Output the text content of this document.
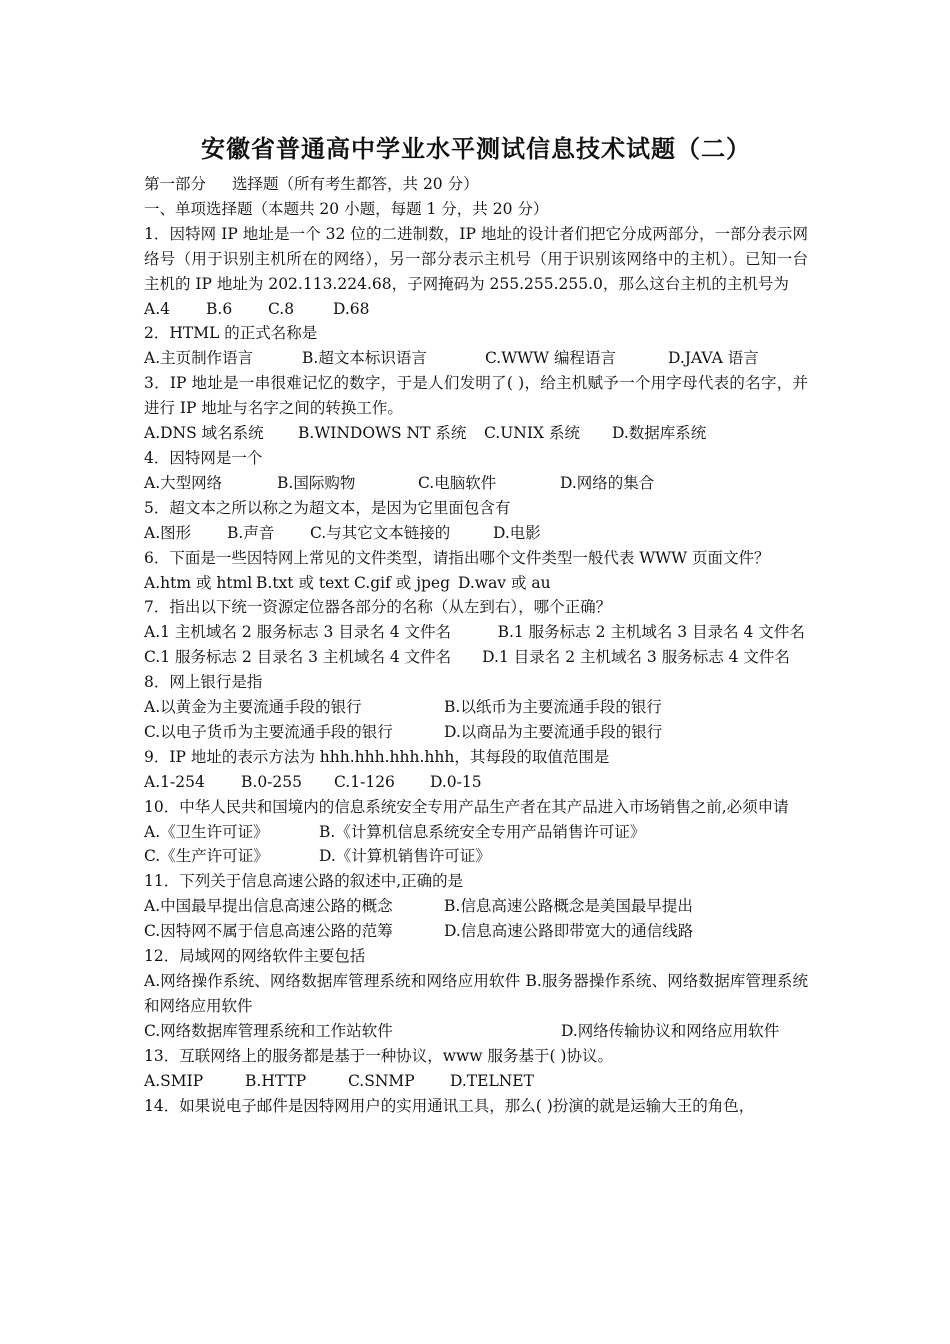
安徽省普通高中学业水平测试信息技术试题（二）
第一部分 选择题（所有考生都答，共 20 分）
一、单项选择题（本题共 20 小题，每题 1 分，共 20 分）
1．因特网 IP 地址是一个 32 位的二进制数，IP 地址的设计者们把它分成两部分，一部分表示网络号（用于识别主机所在的网络），另一部分表示主机号（用于识别该网络中的主机）。已知一台主机的 IP 地址为 202.113.224.68，子网掩码为 255.255.255.0，那么这台主机的主机号为
A.4 B.6 C.8	D.68
2．HTML 的正式名称是
A.主页制作语言	B.超文本标识语言	C.WWW 编程语言	D.JAVA 语言
3．IP 地址是一串很难记忆的数字，于是人们发明了( )，给主机赋予一个用字母代表的名字，并进行 IP 地址与名字之间的转换工作。
A.DNS 域名系统 B.WINDOWS NT 系统 C.UNIX 系统 D.数据库系统
4．因特网是一个
A.大型网络	B.国际购物	C.电脑软件	D.网络的集合
5．超文本之所以称之为超文本，是因为它里面包含有
A.图形 B.声音 C.与其它文本链接的	D.电影
6．下面是一些因特网上常见的文件类型，请指出哪个文件类型一般代表 WWW 页面文件？
A.htm 或 html B.txt 或 text C.gif 或 jpeg D.wav 或 au
7．指出以下统一资源定位器各部分的名称（从左到右），哪个正确？
A.1 主机域名 2 服务标志 3 目录名 4 文件名   	B.1 服务标志 2 主机域名 3 目录名 4 文件名
C.1 服务标志 2 目录名 3 主机域名 4 文件名   D.1 目录名 2 主机域名 3 服务标志 4 文件名
8．网上银行是指
A.以黄金为主要流通手段的银行	B.以纸币为主要流通手段的银行
C.以电子货币为主要流通手段的银行	D.以商品为主要流通手段的银行
9．IP 地址的表示方法为 hhh.hhh.hhh.hhh，其每段的取值范围是
A.1-254 B.0-255 C.1-126 D.0-15
10．中华人民共和国境内的信息系统安全专用产品生产者在其产品进入市场销售之前,必须申请
A.《卫生许可证》	B.《计算机信息系统安全专用产品销售许可证》
C.《生产许可证》	D.《计算机销售许可证》
11．下列关于信息高速公路的叙述中,正确的是
A.中国最早提出信息高速公路的概念	B.信息高速公路概念是美国最早提出
C.因特网不属于信息高速公路的范筹	D.信息高速公路即带宽大的通信线路
12．局域网的网络软件主要包括
A.网络操作系统、网络数据库管理系统和网络应用软件 B.服务器操作系统、网络数据库管理系统和网络应用软件
C.网络数据库管理系统和工作站软件	D.网络传输协议和网络应用软件
13．互联网络上的服务都是基于一种协议，www 服务基于( )协议。
A.SMIP	B.HTTP	C.SNMP D.TELNET
14．如果说电子邮件是因特网用户的实用通讯工具，那么( )扮演的就是运输大王的角色，
